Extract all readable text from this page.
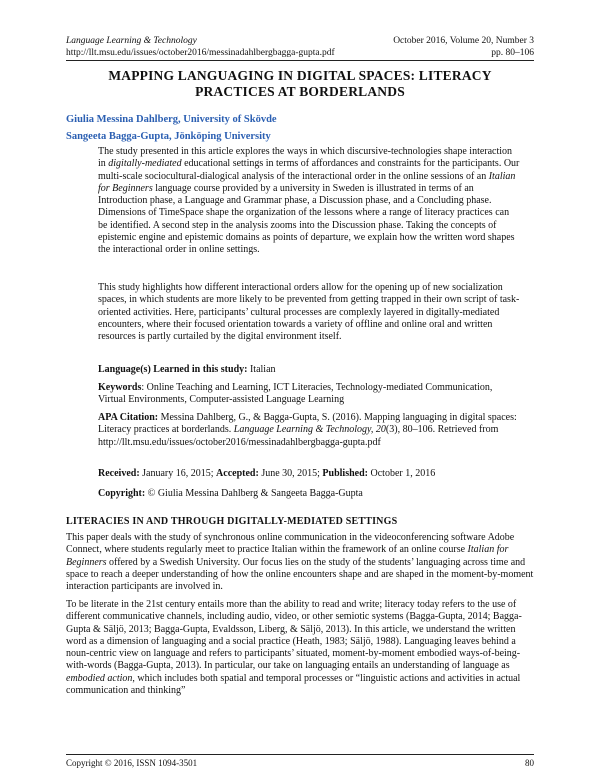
Language Learning & Technology	October 2016, Volume 20, Number 3
http://llt.msu.edu/issues/october2016/messinadahlbergbagga-gupta.pdf	pp. 80–106
MAPPING LANGUAGING IN DIGITAL SPACES: LITERACY
PRACTICES AT BORDERLANDS
Giulia Messina Dahlberg, University of Skövde
Sangeeta Bagga-Gupta, Jönköping University

The study presented in this article explores the ways in which discursive-technologies shape interaction in digitally-mediated educational settings in terms of affordances and constraints for the participants. Our multi-scale sociocultural-dialogical analysis of the interactional order in the online sessions of an Italian for Beginners language course provided by a university in Sweden is illustrated in terms of an Introduction phase, a Language and Grammar phase, a Discussion phase, and a Concluding phase. Dimensions of TimeSpace shape the organization of the lessons where a range of literacy practices can be identified. A second step in the analysis zooms into the Discussion phase. Taking the concepts of epistemic engine and epistemic domains as points of departure, we explain how the written word shapes the interactional order in online settings.

This study highlights how different interactional orders allow for the opening up of new socialization spaces, in which students are more likely to be prevented from getting trapped in their own script of task-oriented activities. Here, participants’ cultural processes are complexly layered in digitally-mediated encounters, where their focused orientation towards a variety of offline and online oral and written resources is partly curtailed by the digital environment itself.

Language(s) Learned in this study: Italian
Keywords: Online Teaching and Learning, ICT Literacies, Technology-mediated Communication, Virtual Environments, Computer-assisted Language Learning
APA Citation: Messina Dahlberg, G., & Bagga-Gupta, S. (2016). Mapping languaging in digital spaces: Literacy practices at borderlands. Language Learning & Technology, 20(3), 80–106. Retrieved from http://llt.msu.edu/issues/october2016/messinadahlbergbagga-gupta.pdf
Received: January 16, 2015; Accepted: June 30, 2015; Published: October 1, 2016
Copyright: © Giulia Messina Dahlberg & Sangeeta Bagga-Gupta
LITERACIES IN AND THROUGH DIGITALLY-MEDIATED SETTINGS
This paper deals with the study of synchronous online communication in the videoconferencing software Adobe Connect, where students regularly meet to practice Italian within the framework of an online course Italian for Beginners offered by a Swedish University. Our focus lies on the study of the students’ languaging across time and space to reach a deeper understanding of how the online encounters shape and are shaped in the moment-by-moment interaction participants are involved in.
To be literate in the 21st century entails more than the ability to read and write; literacy today refers to the use of different communicative channels, including audio, video, or other semiotic systems (Bagga-Gupta, 2014; Bagga-Gupta & Säljö, 2013; Bagga-Gupta, Evaldsson, Liberg, & Säljö, 2013). In this article, we understand the written word as a dimension of languaging and a social practice (Heath, 1983; Säljö, 1988). Languaging leaves behind a noun-centric view on language and refers to participants’ situated, moment-by-moment embodied ways-of-being-with-words (Bagga-Gupta, 2013). In particular, our take on languaging entails an understanding of language as embodied action, which includes both spatial and temporal processes or “linguistic actions and activities in actual communication and thinking”
Copyright © 2016, ISSN 1094-3501	80
